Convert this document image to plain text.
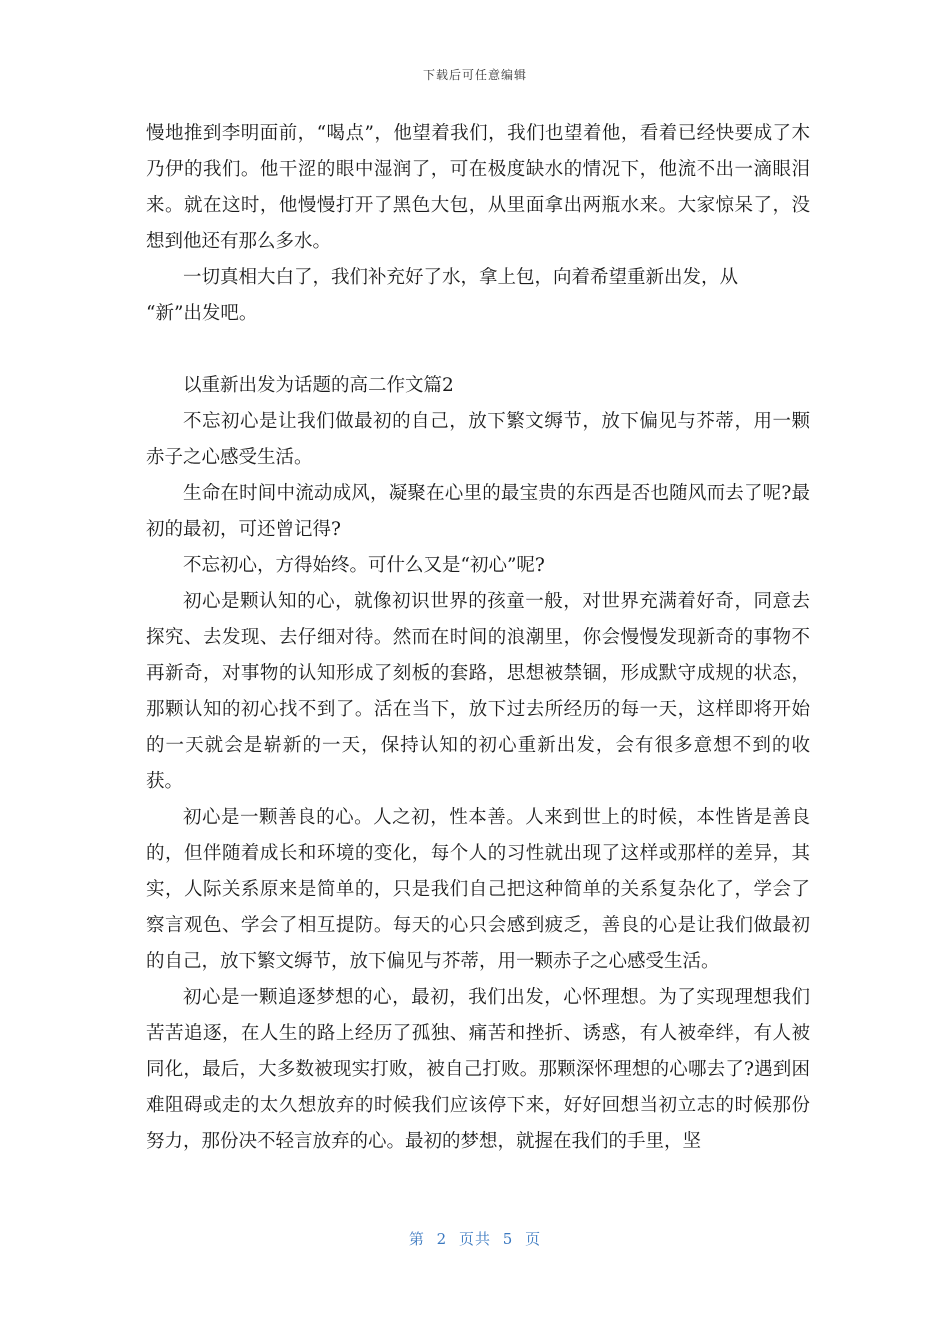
下载后可任意编辑

慢地推到李明面前，“喝点”，他望着我们，我们也望着他，看着已经快要成了木乃伊的我们。他干涩的眼中湿润了，可在极度缺水的情况下，他流不出一滴眼泪来。就在这时，他慢慢打开了黑色大包，从里面拿出两瓶水来。大家惊呆了，没想到他还有那么多水。

一切真相大白了，我们补充好了水，拿上包，向着希望重新出发，从

“新”出发吧。

以重新出发为话题的高二作文篇2

不忘初心是让我们做最初的自己，放下繁文缛节，放下偏见与芥蒂，用一颗赤子之心感受生活。

生命在时间中流动成风，凝聚在心里的最宝贵的东西是否也随风而去了呢?最初的最初，可还曾记得?

不忘初心，方得始终。可什么又是“初心”呢?

初心是颗认知的心，就像初识世界的孩童一般，对世界充满着好奇，同意去探究、去发现、去仔细对待。然而在时间的浪潮里，你会慢慢发现新奇的事物不再新奇，对事物的认知形成了刻板的套路，思想被禁锢，形成默守成规的状态，那颗认知的初心找不到了。活在当下，放下过去所经历的每一天，这样即将开始的一天就会是崭新的一天，保持认知的初心重新出发，会有很多意想不到的收获。

初心是一颗善良的心。人之初，性本善。人来到世上的时候，本性皆是善良的，但伴随着成长和环境的变化，每个人的习性就出现了这样或那样的差异，其实，人际关系原来是简单的，只是我们自己把这种简单的关系复杂化了，学会了察言观色、学会了相互提防。每天的心只会感到疲乏，善良的心是让我们做最初的自己，放下繁文缛节，放下偏见与芥蒂，用一颗赤子之心感受生活。

初心是一颗追逐梦想的心，最初，我们出发，心怀理想。为了实现理想我们苦苦追逐，在人生的路上经历了孤独、痛苦和挫折、诱惑，有人被牵绊，有人被同化，最后，大多数被现实打败，被自己打败。那颗深怀理想的心哪去了?遇到困难阻碍或走的太久想放弃的时候我们应该停下来，好好回想当初立志的时候那份努力，那份决不轻言放弃的心。最初的梦想，就握在我们的手里，坚

第 2 页共 5 页
